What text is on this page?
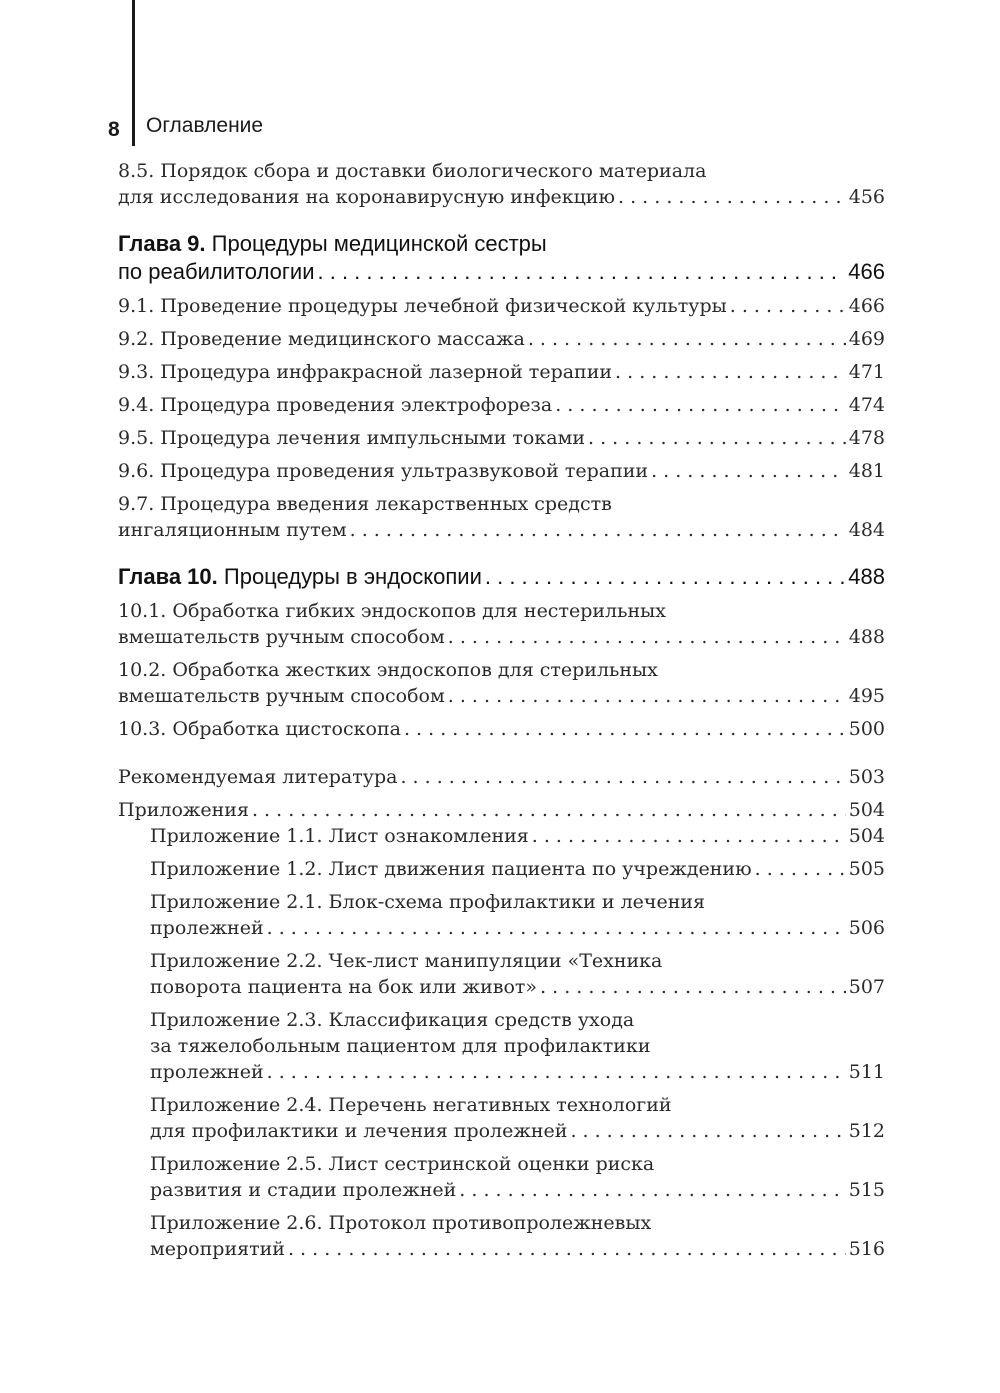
8 Оглавление
8.5. Порядок сбора и доставки биологического материала
для исследования на коронавирусную инфекцию . . .	456
Глава 9. Процедуры медицинской сестры
по реабилитологии . . .	466
9.1. Проведение процедуры лечебной физической культуры . . .	466
9.2. Проведение медицинского массажа . . .	469
9.3. Процедура инфракрасной лазерной терапии . . .	471
9.4. Процедура проведения электрофореза . . .	474
9.5. Процедура лечения импульсными токами . . .	478
9.6. Процедура проведения ультразвуковой терапии . . .	481
9.7. Процедура введения лекарственных средств
ингаляционным путем . . .	484
Глава 10. Процедуры в эндоскопии . . .	488
10.1. Обработка гибких эндоскопов для нестерильных
вмешательств ручным способом . . .	488
10.2. Обработка жестких эндоскопов для стерильных
вмешательств ручным способом . . .	495
10.3. Обработка цистоскопа . . .	500
Рекомендуемая литература . . .	503
Приложения . . .	504
Приложение 1.1. Лист ознакомления . . .	504
Приложение 1.2. Лист движения пациента по учреждению . . .	505
Приложение 2.1. Блок-схема профилактики и лечения
пролежней . . .	506
Приложение 2.2. Чек-лист манипуляции «Техника
поворота пациента на бок или живот» . . .	507
Приложение 2.3. Классификация средств ухода
за тяжелобольным пациентом для профилактики
пролежней . . .	511
Приложение 2.4. Перечень негативных технологий
для профилактики и лечения пролежней . . .	512
Приложение 2.5. Лист сестринской оценки риска
развития и стадии пролежней . . .	515
Приложение 2.6. Протокол противопролежневых
мероприятий . . .	516
